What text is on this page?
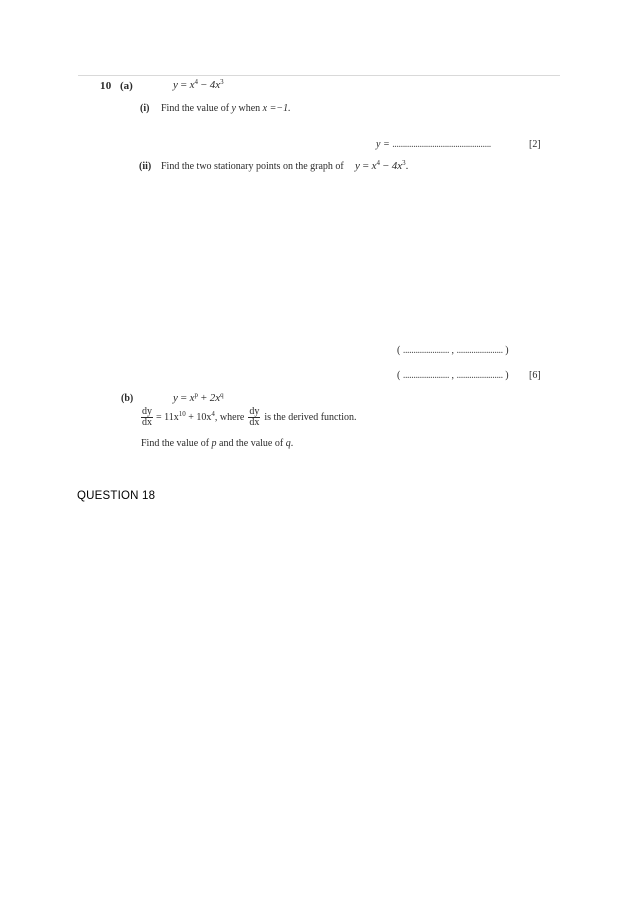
10 (a)	$y = x^4 - 4x^3$
(i) Find the value of y when x =−1.
y = ...............................................	[2]
(ii) Find the two stationary points on the graph of $y = x^4 - 4x^3$.
( ...................... , ...................... )
( ...................... , ...................... ) [6]
(b)	$y = x^p + 2x^q$
$\frac{dy}{dx} = 11x^{10} + 10x^4$, where $\frac{dy}{dx}$ is the derived function.
Find the value of p and the value of q.
QUESTION 18
